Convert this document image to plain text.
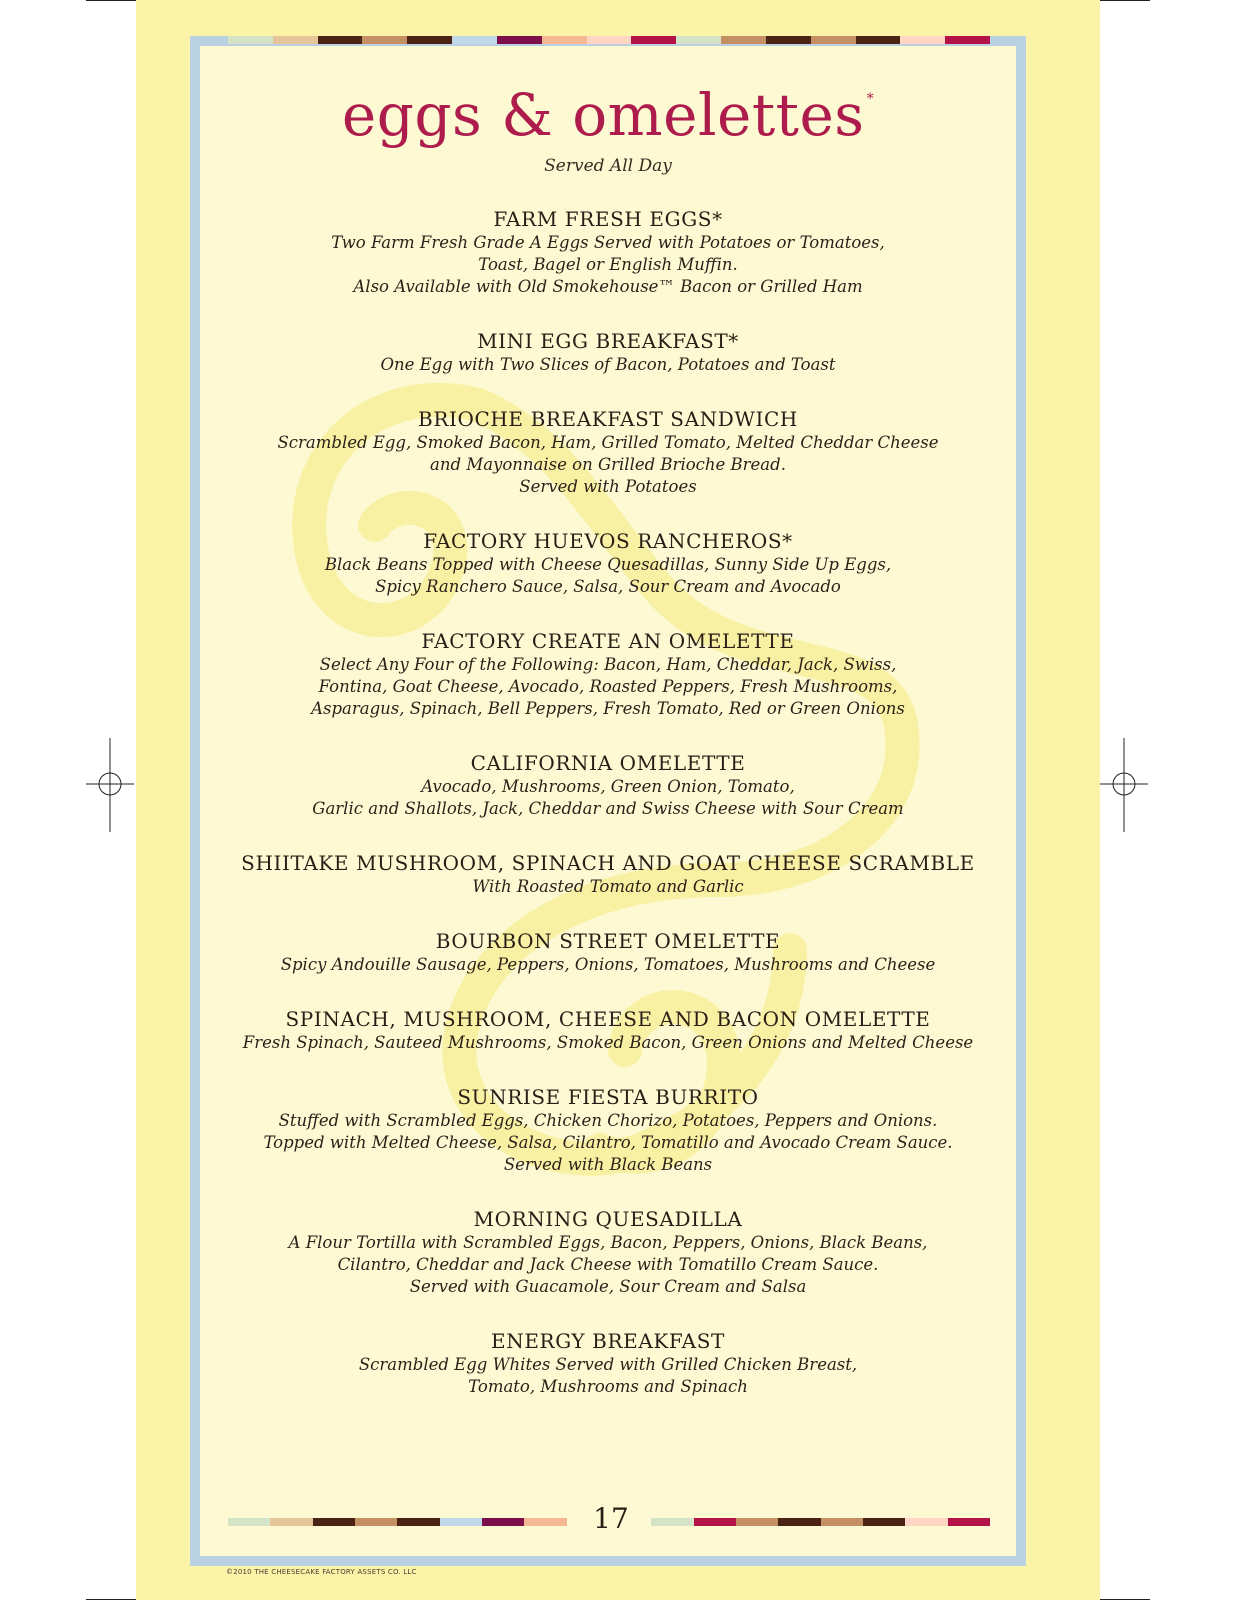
eggs & omelettes *
Served All Day
FARM FRESH EGGS*
Two Farm Fresh Grade A Eggs Served with Potatoes or Tomatoes,
Toast, Bagel or English Muffin.
Also Available with Old Smokehouse™ Bacon or Grilled Ham
MINI EGG BREAKFAST*
One Egg with Two Slices of Bacon, Potatoes and Toast
BRIOCHE BREAKFAST SANDWICH
Scrambled Egg, Smoked Bacon, Ham, Grilled Tomato, Melted Cheddar Cheese
and Mayonnaise on Grilled Brioche Bread.
Served with Potatoes
FACTORY HUEVOS RANCHEROS*
Black Beans Topped with Cheese Quesadillas, Sunny Side Up Eggs,
Spicy Ranchero Sauce, Salsa, Sour Cream and Avocado
FACTORY CREATE AN OMELETTE
Select Any Four of the Following: Bacon, Ham, Cheddar, Jack, Swiss,
Fontina, Goat Cheese, Avocado, Roasted Peppers, Fresh Mushrooms,
Asparagus, Spinach, Bell Peppers, Fresh Tomato, Red or Green Onions
CALIFORNIA OMELETTE
Avocado, Mushrooms, Green Onion, Tomato,
Garlic and Shallots, Jack, Cheddar and Swiss Cheese with Sour Cream
SHIITAKE MUSHROOM, SPINACH AND GOAT CHEESE SCRAMBLE
With Roasted Tomato and Garlic
BOURBON STREET OMELETTE
Spicy Andouille Sausage, Peppers, Onions, Tomatoes, Mushrooms and Cheese
SPINACH, MUSHROOM, CHEESE AND BACON OMELETTE
Fresh Spinach, Sauteed Mushrooms, Smoked Bacon, Green Onions and Melted Cheese
SUNRISE FIESTA BURRITO
Stuffed with Scrambled Eggs, Chicken Chorizo, Potatoes, Peppers and Onions.
Topped with Melted Cheese, Salsa, Cilantro, Tomatillo and Avocado Cream Sauce.
Served with Black Beans
MORNING QUESADILLA
A Flour Tortilla with Scrambled Eggs, Bacon, Peppers, Onions, Black Beans,
Cilantro, Cheddar and Jack Cheese with Tomatillo Cream Sauce.
Served with Guacamole, Sour Cream and Salsa
ENERGY BREAKFAST
Scrambled Egg Whites Served with Grilled Chicken Breast,
Tomato, Mushrooms and Spinach
17
©2010 THE CHEESECAKE FACTORY ASSETS CO. LLC
